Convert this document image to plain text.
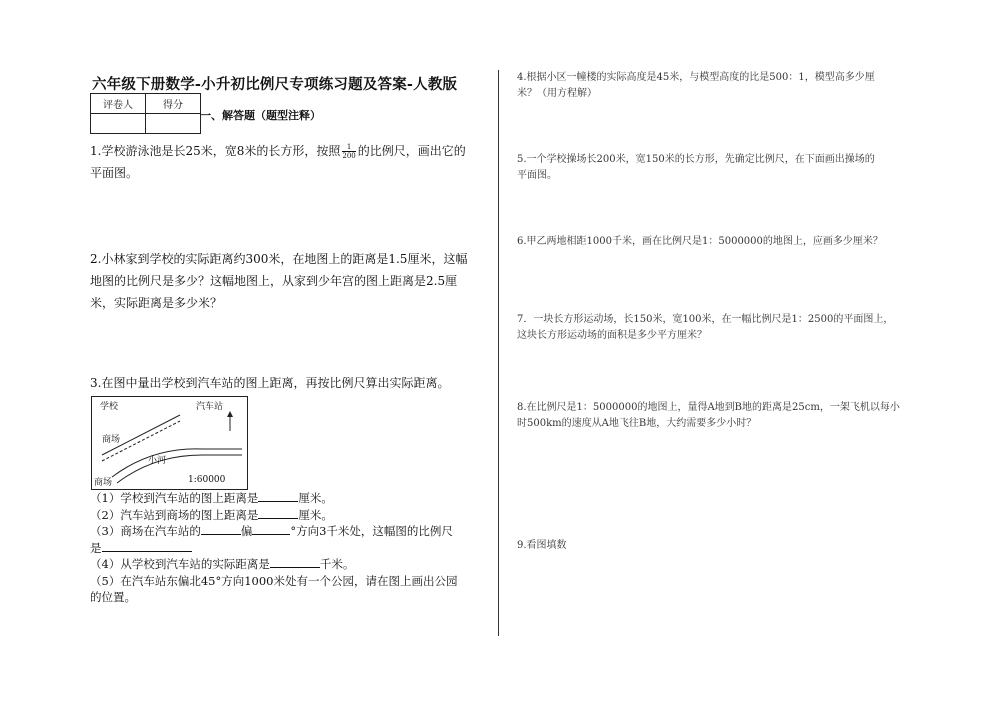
六年级下册数学-小升初比例尺专项练习题及答案-人教版
评卷人	得分

一、解答题（题型注释）
1.学校游泳池是长25米，宽8米的长方形，按照 $\frac{1}{200}$ 的比例尺，画出它的
平面图。
2.小林家到学校的实际距离约300米，在地图上的距离是1.5厘米，这幅
地图的比例尺是多少？这幅地图上，从家到少年宫的图上距离是2.5厘
米，实际距离是多少米？
3.在图中量出学校到汽车站的图上距离，再按比例尺算出实际距离。
学校	汽车站
商场
小河
商场	1:60000
（1）学校到汽车站的图上距离是	厘米。
（2）汽车站到商场的图上距离是	厘米。
（3）商场在汽车站的	偏	°方向3千米处，这幅图的比例尺
是
（4）从学校到汽车站的实际距离是	千米。
（5）在汽车站东偏北45°方向1000米处有一个公园，请在图上画出公园
的位置。
4.根据小区一幢楼的实际高度是45米，与模型高度的比是500：1，模型高多少厘
米？（用方程解）
5.一个学校操场长200米，宽150米的长方形，先确定比例尺，在下面画出操场的
平面图。
6.甲乙两地相距1000千米，画在比例尺是1：5000000的地图上，应画多少厘米？
7．一块长方形运动场，长150米，宽100米，在一幅比例尺是1：2500的平面图上，
这块长方形运动场的面积是多少平方厘米？
8.在比例尺是1：5000000的地图上，量得A地到B地的距离是25cm，一架飞机以每小
时500km的速度从A地飞往B地，大约需要多少小时？
9.看图填数
